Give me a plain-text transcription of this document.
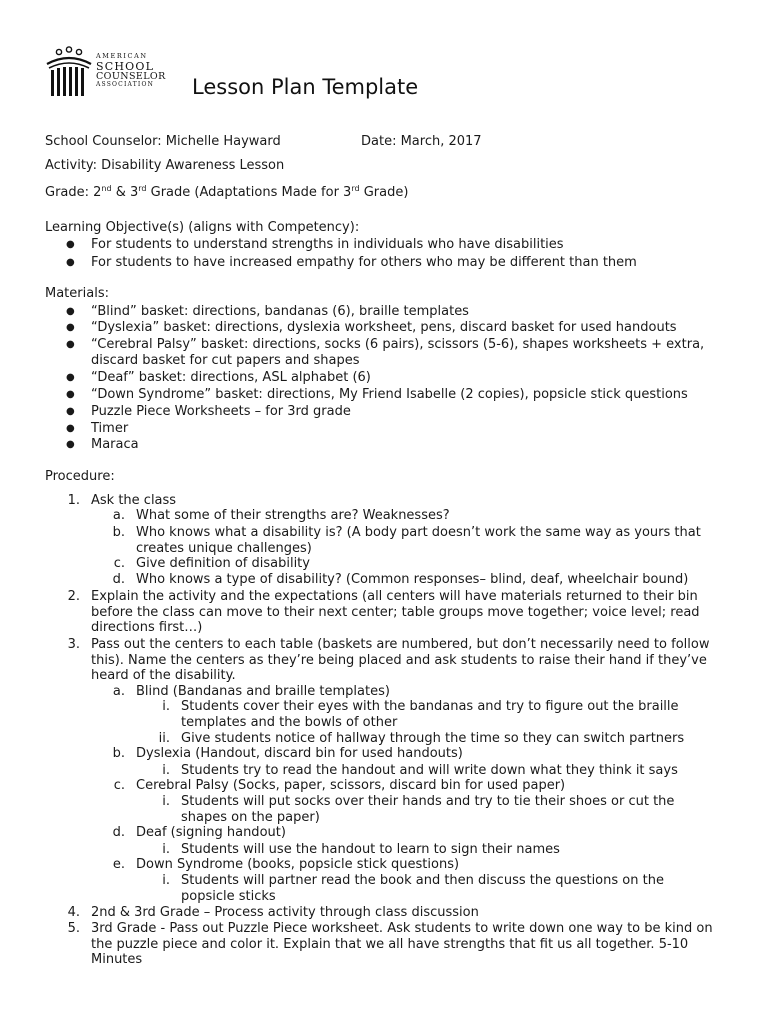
AMERICAN
SCHOOL
COUNSELOR
ASSOCIATION	Lesson Plan Template
School Counselor: Michelle Hayward	Date: March, 2017
Activity: Disability Awareness Lesson
Grade: 2nd & 3rd Grade (Adaptations Made for 3rd Grade)
Learning Objective(s) (aligns with Competency):
● For students to understand strengths in individuals who have disabilities
● For students to have increased empathy for others who may be different than them
Materials:
● “Blind” basket: directions, bandanas (6), braille templates
● “Dyslexia” basket: directions, dyslexia worksheet, pens, discard basket for used handouts
● “Cerebral Palsy” basket: directions, socks (6 pairs), scissors (5-6), shapes worksheets + extra,
discard basket for cut papers and shapes
● “Deaf” basket: directions, ASL alphabet (6)
● “Down Syndrome” basket: directions, My Friend Isabelle (2 copies), popsicle stick questions
● Puzzle Piece Worksheets – for 3rd grade
● Timer
● Maraca
Procedure:
1. Ask the class
a. What some of their strengths are? Weaknesses?
b. Who knows what a disability is? (A body part doesn’t work the same way as yours that
creates unique challenges)
c. Give definition of disability
d. Who knows a type of disability? (Common responses– blind, deaf, wheelchair bound)
2. Explain the activity and the expectations (all centers will have materials returned to their bin
before the class can move to their next center; table groups move together; voice level; read
directions first…)
3. Pass out the centers to each table (baskets are numbered, but don’t necessarily need to follow
this). Name the centers as they’re being placed and ask students to raise their hand if they’ve
heard of the disability.
a. Blind (Bandanas and braille templates)
i. Students cover their eyes with the bandanas and try to figure out the braille
templates and the bowls of other
ii. Give students notice of hallway through the time so they can switch partners
b. Dyslexia (Handout, discard bin for used handouts)
i. Students try to read the handout and will write down what they think it says
c. Cerebral Palsy (Socks, paper, scissors, discard bin for used paper)
i. Students will put socks over their hands and try to tie their shoes or cut the
shapes on the paper)
d. Deaf (signing handout)
i. Students will use the handout to learn to sign their names
e. Down Syndrome (books, popsicle stick questions)
i. Students will partner read the book and then discuss the questions on the
popsicle sticks
4. 2nd & 3rd Grade – Process activity through class discussion
5. 3rd Grade - Pass out Puzzle Piece worksheet. Ask students to write down one way to be kind on
the puzzle piece and color it. Explain that we all have strengths that fit us all together. 5-10
Minutes
